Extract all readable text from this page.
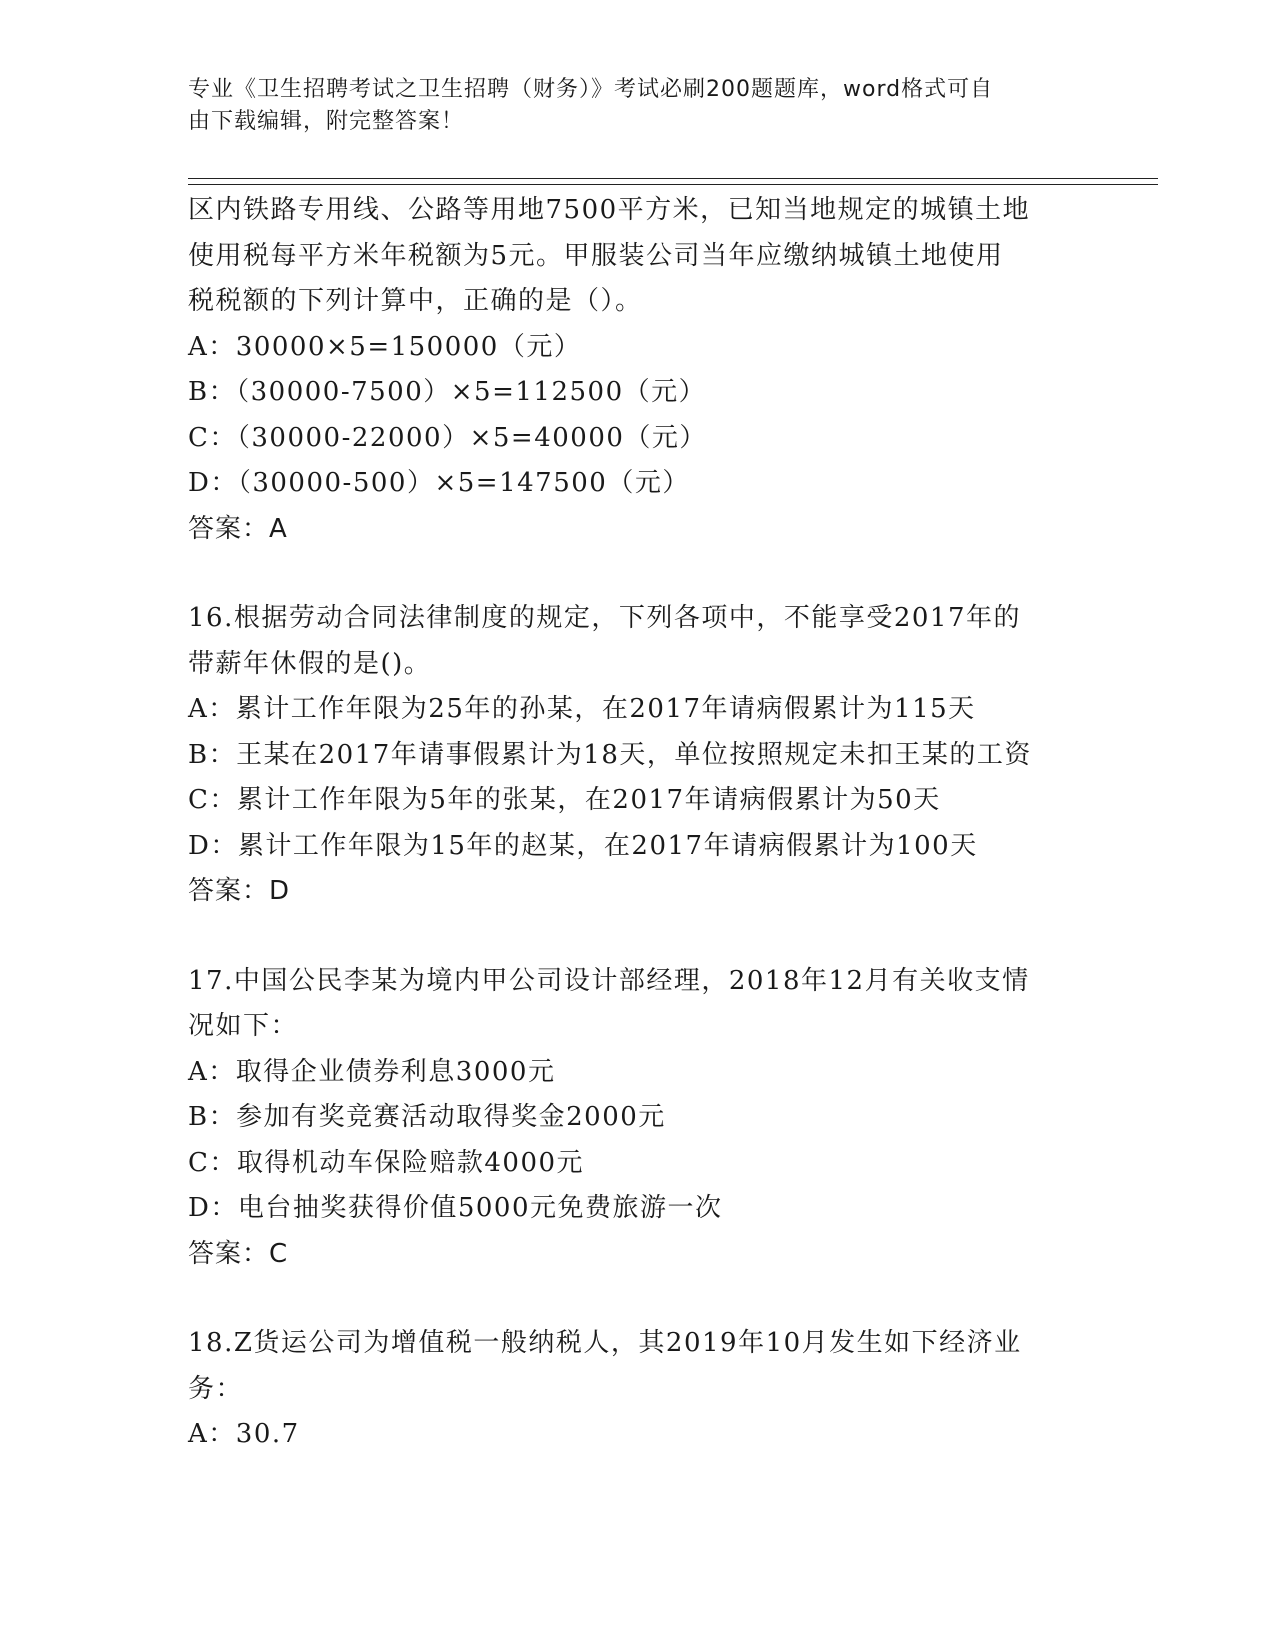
专业《卫生招聘考试之卫生招聘（财务）》考试必刷200题题库，word格式可自
由下载编辑，附完整答案！

区内铁路专用线、公路等用地7500平方米，已知当地规定的城镇土地

使用税每平方米年税额为5元。甲服装公司当年应缴纳城镇土地使用

税税额的下列计算中，正确的是（）。

A：30000×5=150000（元）

B：（30000-7500）×5=112500（元）

C：（30000-22000）×5=40000（元）

D：（30000-500）×5=147500（元）

答案：A

16.根据劳动合同法律制度的规定，下列各项中，不能享受2017年的

带薪年休假的是()。

A：累计工作年限为25年的孙某，在2017年请病假累计为115天

B：王某在2017年请事假累计为18天，单位按照规定未扣王某的工资

C：累计工作年限为5年的张某，在2017年请病假累计为50天

D：累计工作年限为15年的赵某，在2017年请病假累计为100天

答案：D

17.中国公民李某为境内甲公司设计部经理，2018年12月有关收支情

况如下：

A：取得企业债券利息3000元

B：参加有奖竞赛活动取得奖金2000元

C：取得机动车保险赔款4000元

D：电台抽奖获得价值5000元免费旅游一次

答案：C

18.Z货运公司为增值税一般纳税人，其2019年10月发生如下经济业

务：

A：30.7
